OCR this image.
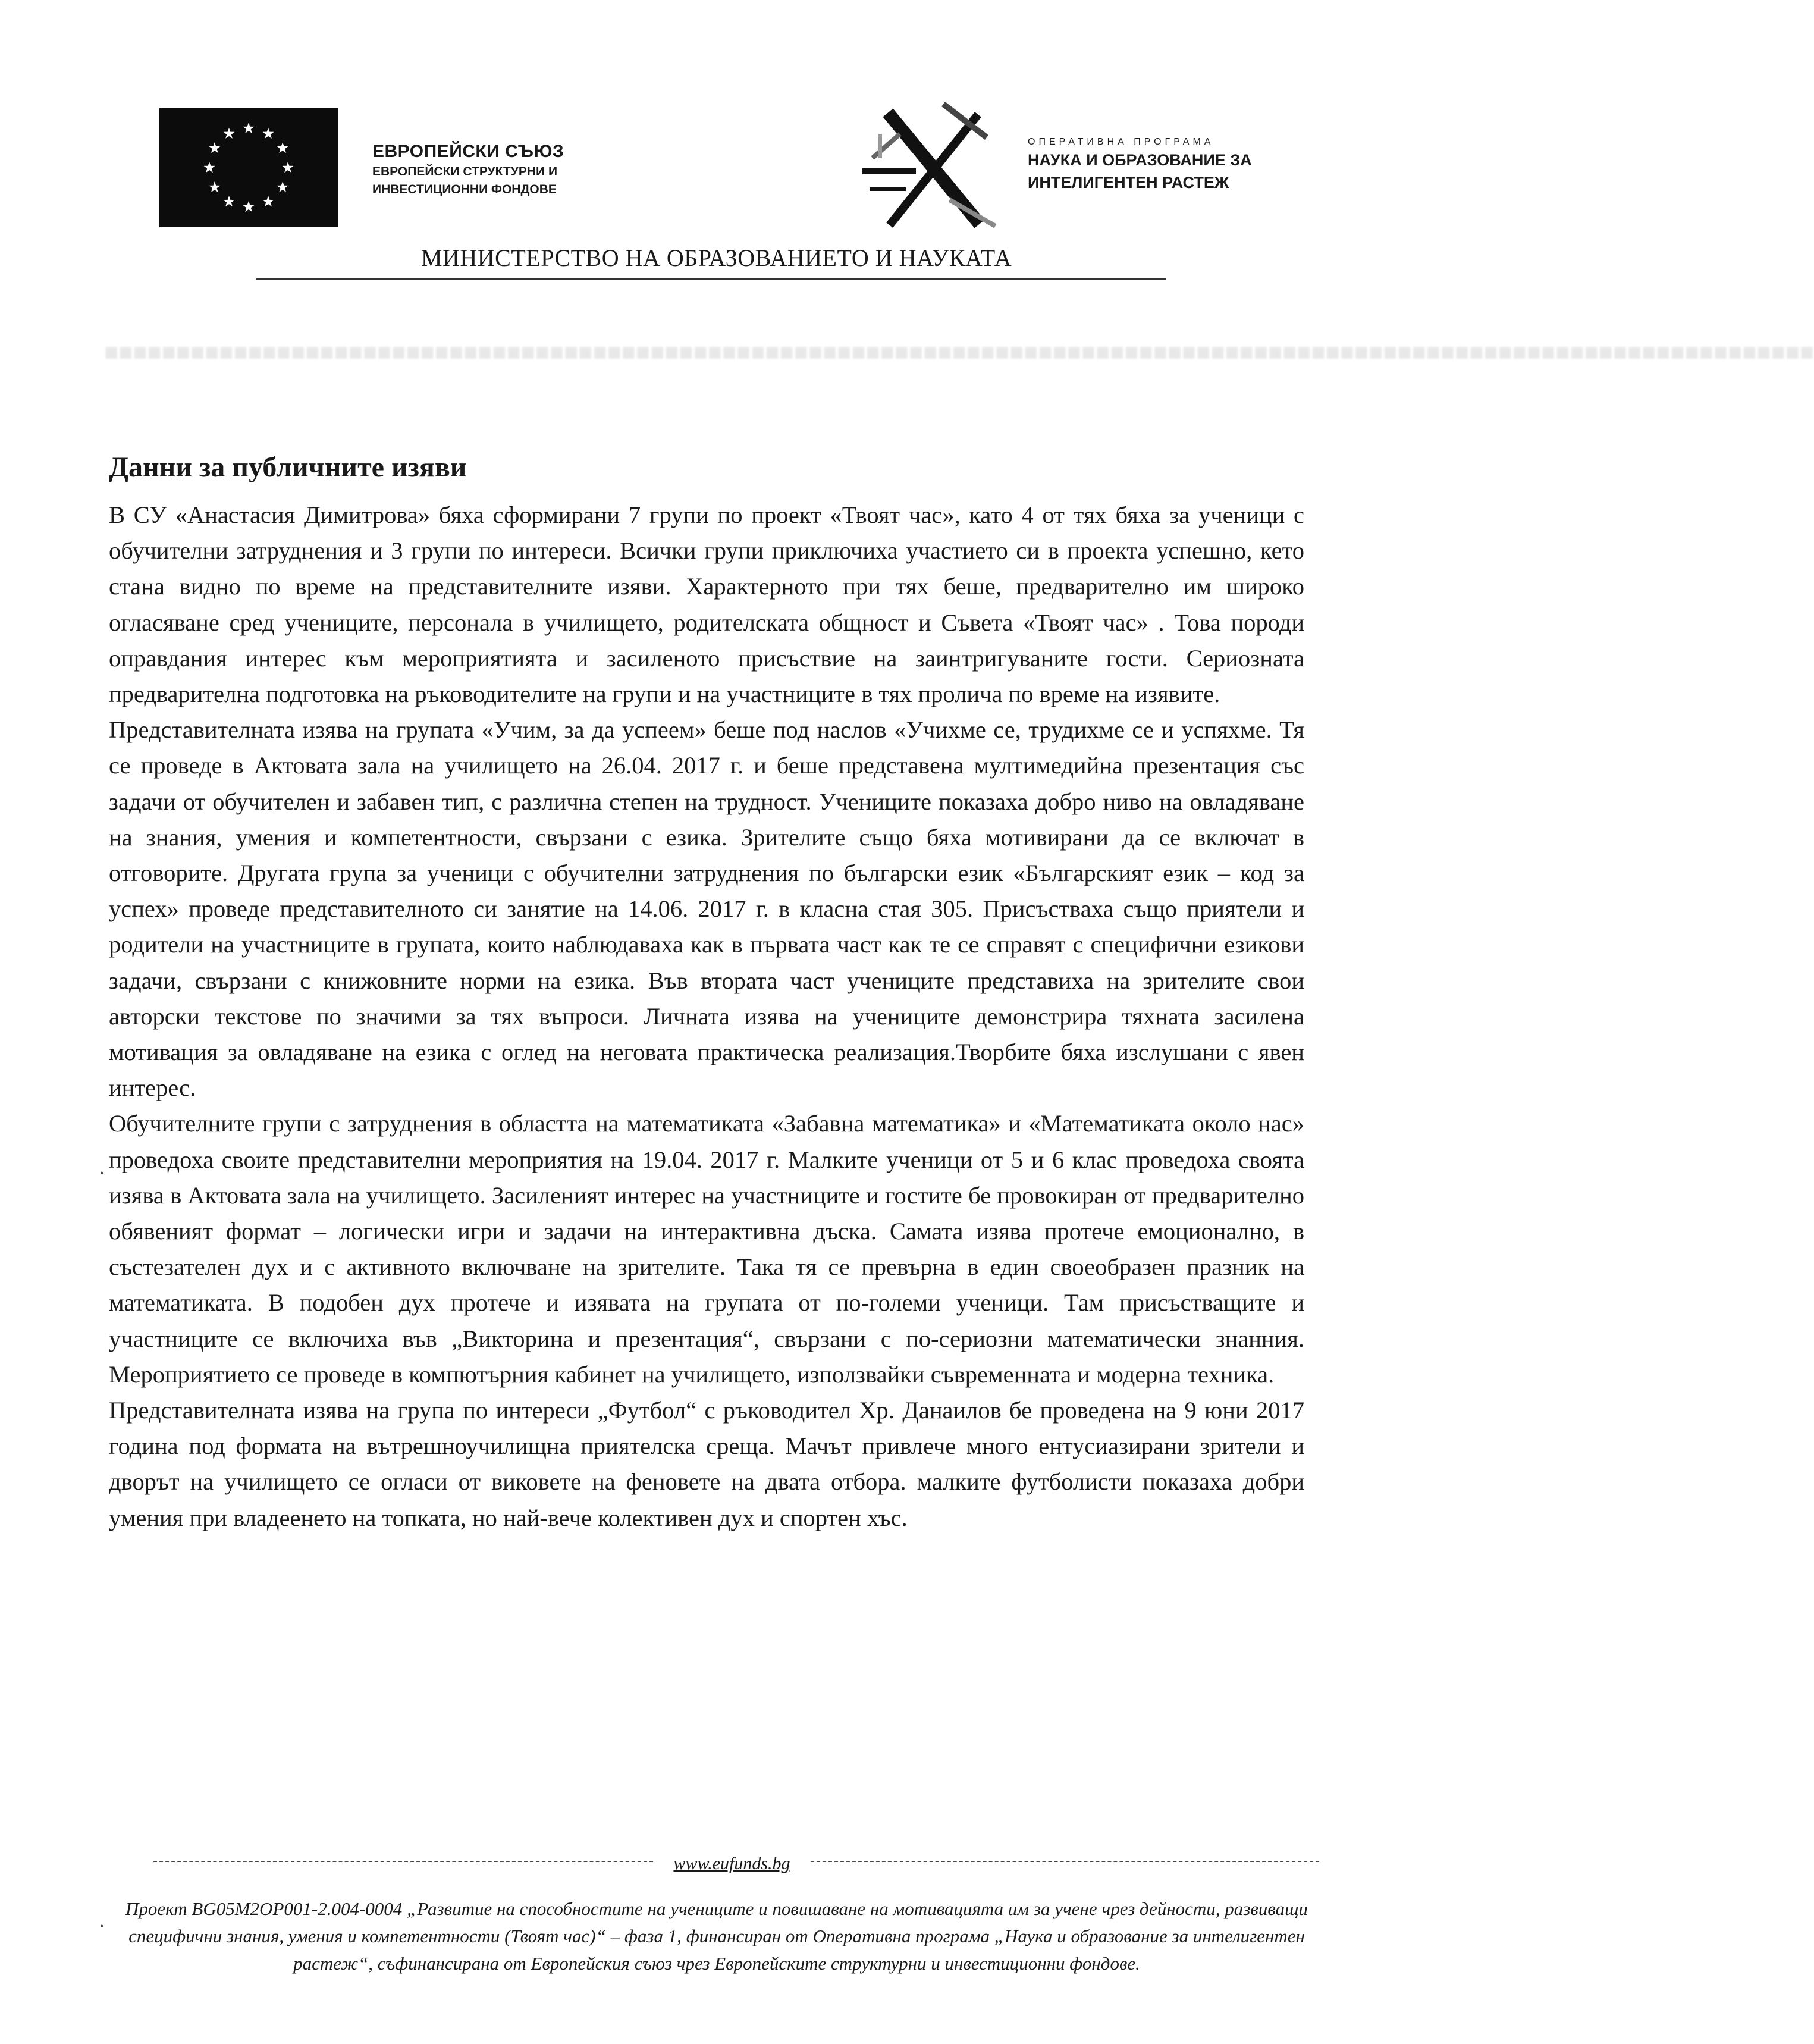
ЕВРОПЕЙСКИ СЪЮЗ
ЕВРОПЕЙСКИ СТРУКТУРНИ И
ИНВЕСТИЦИОННИ ФОНДОВЕ
ОПЕРАТИВНА ПРОГРАМА
НАУКА И ОБРАЗОВАНИЕ ЗА
ИНТЕЛИГЕНТЕН РАСТЕЖ
МИНИСТЕРСТВО НА ОБРАЗОВАНИЕТО И НАУКАТА
■■■■■■■■■■■■■■■■■■■■■■■■■■■■■■■■■■■■■■■■■■■■■■■■■■■■■■■■■■■■■■■■■■■■■■■■■■■■■■■■■■■■■■■■■■■■■■■■■■■■■■■■■■■■■■■■■■■■■■■
Данни за публичните изяви

В СУ «Анастасия Димитрова» бяха сформирани 7 групи по проект «Твоят час», като 4 от тях бяха за ученици с обучителни затруднения и 3 групи по интереси. Всички групи приключиха участието си в проекта успешно, кето стана видно по време на представителните изяви. Характерното при тях беше, предварително им широко огласяване сред учениците, персонала в училището, родителската общност и Съвета «Твоят час» . Това породи оправдания интерес към мероприятията и засиленото присъствие на заинтригуваните гости. Сериозната предварителна подготовка на ръководителите на групи и на участниците в тях пролича по време на изявите.

Представителната изява на групата «Учим, за да успеем» беше под наслов «Учихме се, трудихме се и успяхме. Тя се проведе в Актовата зала на училището на 26.04. 2017 г. и беше представена мултимедийна презентация със задачи от обучителен и забавен тип, с различна степен на трудност. Учениците показаха добро ниво на овладяване на знания, умения и компетентности, свързани с езика. Зрителите също бяха мотивирани да се включат в отговорите. Другата група за ученици с обучителни затруднения по български език «Българският език – код за успех» проведе представителното си занятие на 14.06. 2017 г. в класна стая 305. Присъстваха също приятели и родители на участниците в групата, които наблюдаваха как в първата част как те се справят с специфични езикови задачи, свързани с книжовните норми на езика. Във втората част учениците представиха на зрителите свои авторски текстове по значими за тях въпроси. Личната изява на учениците демонстрира тяхната засилена мотивация за овладяване на езика с оглед на неговата практическа реализация.Творбите бяха изслушани с явен интерес.

Обучителните групи с затруднения в областта на математиката «Забавна математика» и «Математиката около нас» проведоха своите представителни мероприятия на 19.04. 2017 г. Малките ученици от 5 и 6 клас проведоха своята изява в Актовата зала на училището. Засиленият интерес на участниците и гостите бе провокиран от предварително обявеният формат – логически игри и задачи на интерактивна дъска. Самата изява протече емоционално, в състезателен дух и с активното включване на зрителите. Така тя се превърна в един своеобразен празник на математиката. В подобен дух протече и изявата на групата от по-големи ученици. Там присъстващите и участниците се включиха във „Викторина и презентация“, свързани с по-сериозни математически знанния. Мероприятието се проведе в компютърния кабинет на училището, използвайки съвременната и модерна техника.

Представителната изява на група по интереси „Футбол“ с ръководител Хр. Данаилов бе проведена на 9 юни 2017 година под формата на вътрешноучилищна приятелска среща. Мачът привлече много ентусиазирани зрители и дворът на училището се огласи от виковете на феновете на двата отбора. малките футболисти показаха добри умения при владеенето на топката, но най-вече колективен дух и спортен хъс.

•
•
www.eufunds.bg
Проект BG05M2OP001-2.004-0004 „Развитие на способностите на учениците и повишаване на мотивацията им за учене чрез дейности, развиващи специфични знания, умения и компетентности (Твоят час)“ – фаза 1, финансиран от Оперативна програма „Наука и образование за интелигентен растеж“, съфинансирана от Европейския съюз чрез Европейските структурни и инвестиционни фондове.
